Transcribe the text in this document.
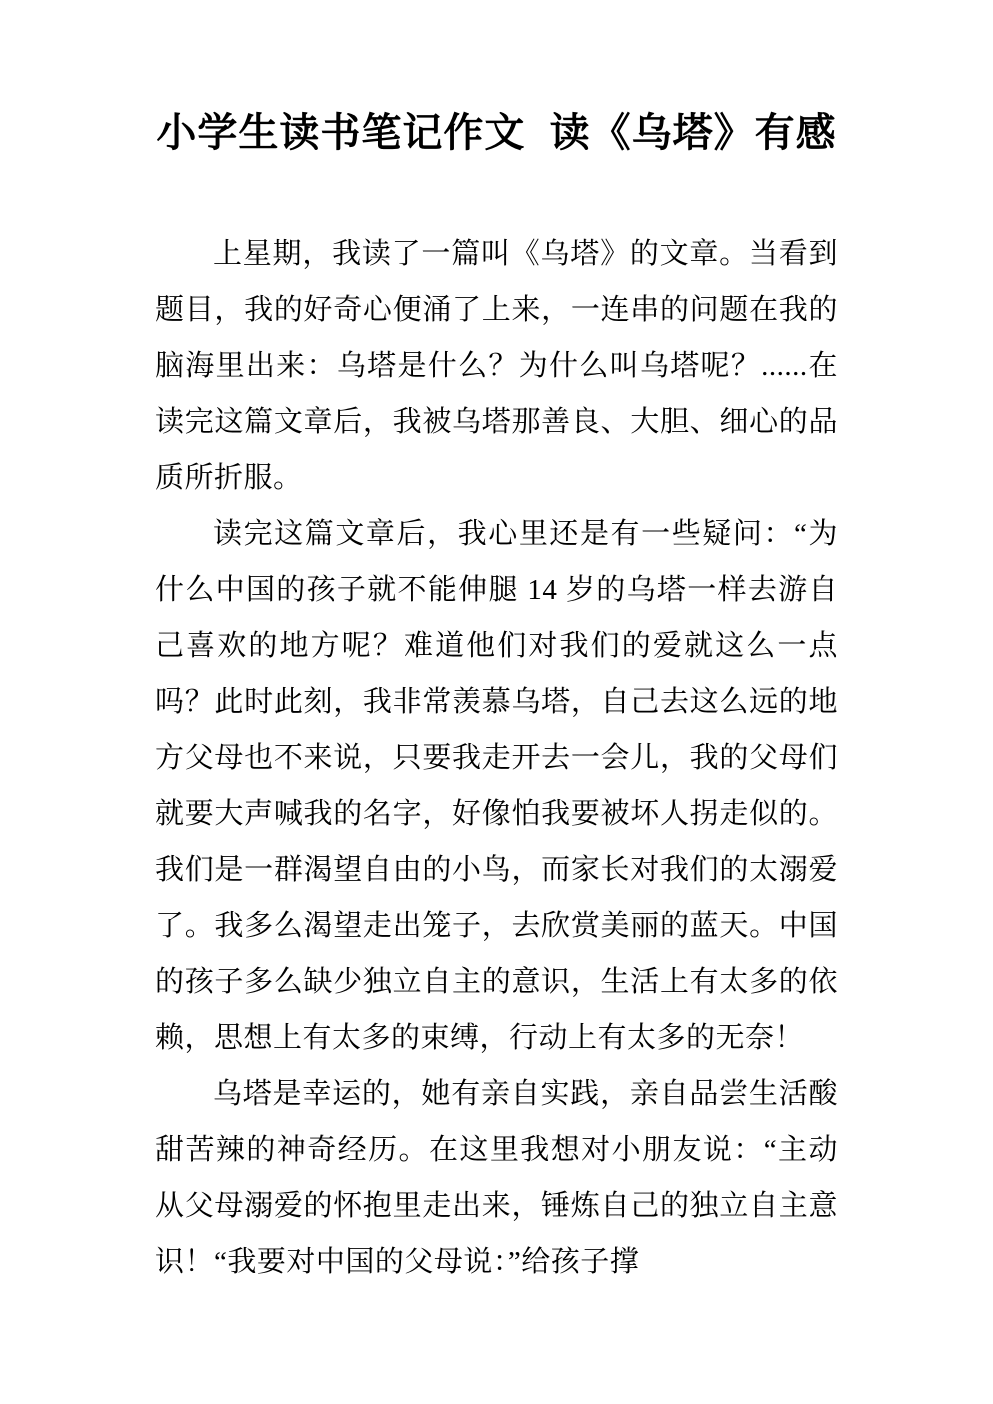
小学生读书笔记作文  读《乌塔》有感

上星期，我读了一篇叫《乌塔》的文章。当看到题目，我的好奇心便涌了上来，一连串的问题在我的脑海里出来：乌塔是什么？为什么叫乌塔呢？......在读完这篇文章后，我被乌塔那善良、大胆、细心的品质所折服。

读完这篇文章后，我心里还是有一些疑问：“为什么中国的孩子就不能伸腿 14 岁的乌塔一样去游自己喜欢的地方呢？难道他们对我们的爱就这么一点吗？此时此刻，我非常羡慕乌塔，自己去这么远的地方父母也不来说，只要我走开去一会儿，我的父母们就要大声喊我的名字，好像怕我要被坏人拐走似的。我们是一群渴望自由的小鸟，而家长对我们的太溺爱了。我多么渴望走出笼子，去欣赏美丽的蓝天。中国的孩子多么缺少独立自主的意识，生活上有太多的依赖，思想上有太多的束缚，行动上有太多的无奈！

乌塔是幸运的，她有亲自实践，亲自品尝生活酸甜苦辣的神奇经历。在这里我想对小朋友说：“主动从父母溺爱的怀抱里走出来，锤炼自己的独立自主意识！“我要对中国的父母说：”给孩子撑
